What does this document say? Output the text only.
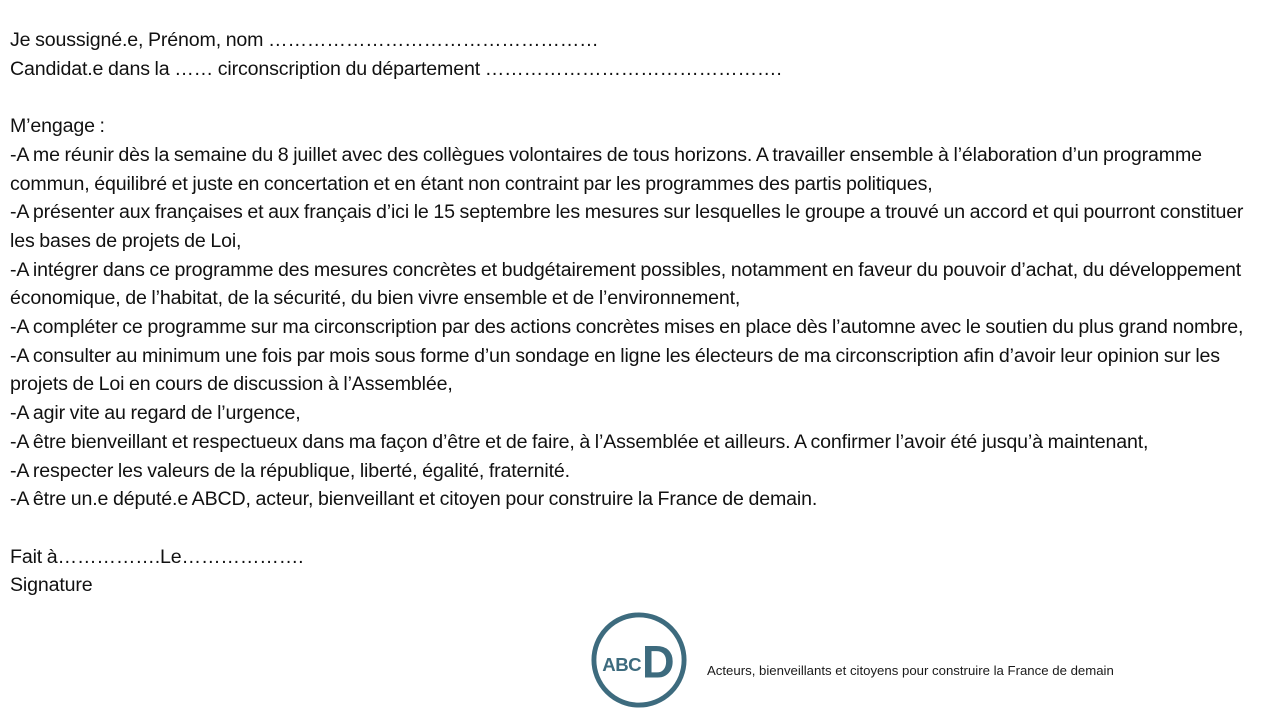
Je soussigné.e, Prénom, nom ……………………………………………
Candidat.e dans la …… circonscription du département ……………………………………….
M’engage :
-A me réunir dès la semaine du 8 juillet avec des collègues volontaires de tous horizons. A travailler ensemble à l’élaboration d’un programme commun, équilibré et juste en concertation et en étant non contraint par les programmes des partis politiques,
-A présenter aux françaises et aux français d’ici le 15 septembre les mesures sur lesquelles le groupe a trouvé un accord et qui pourront constituer les bases de projets de Loi,
-A intégrer dans ce programme des mesures concrètes et budgétairement possibles, notamment en faveur du pouvoir d’achat, du développement économique, de l’habitat, de la sécurité, du bien vivre ensemble et de l’environnement,
-A compléter ce programme sur ma circonscription par des actions concrètes mises en place dès l’automne avec le soutien du plus grand nombre,
-A consulter au minimum une fois par mois sous forme d’un sondage en ligne les électeurs de ma circonscription afin d’avoir leur opinion sur les projets de Loi en cours de discussion à l’Assemblée,
-A agir vite au regard de l’urgence,
-A être bienveillant et respectueux dans ma façon d’être et de faire, à l’Assemblée et ailleurs. A confirmer l’avoir été jusqu’à maintenant,
-A respecter les valeurs de la république, liberté, égalité, fraternité.
-A être un.e député.e ABCD, acteur, bienveillant et citoyen pour construire la France de demain.
Fait à…………….Le……………….
Signature
ABC D Acteurs, bienveillants et citoyens pour construire la France de demain
